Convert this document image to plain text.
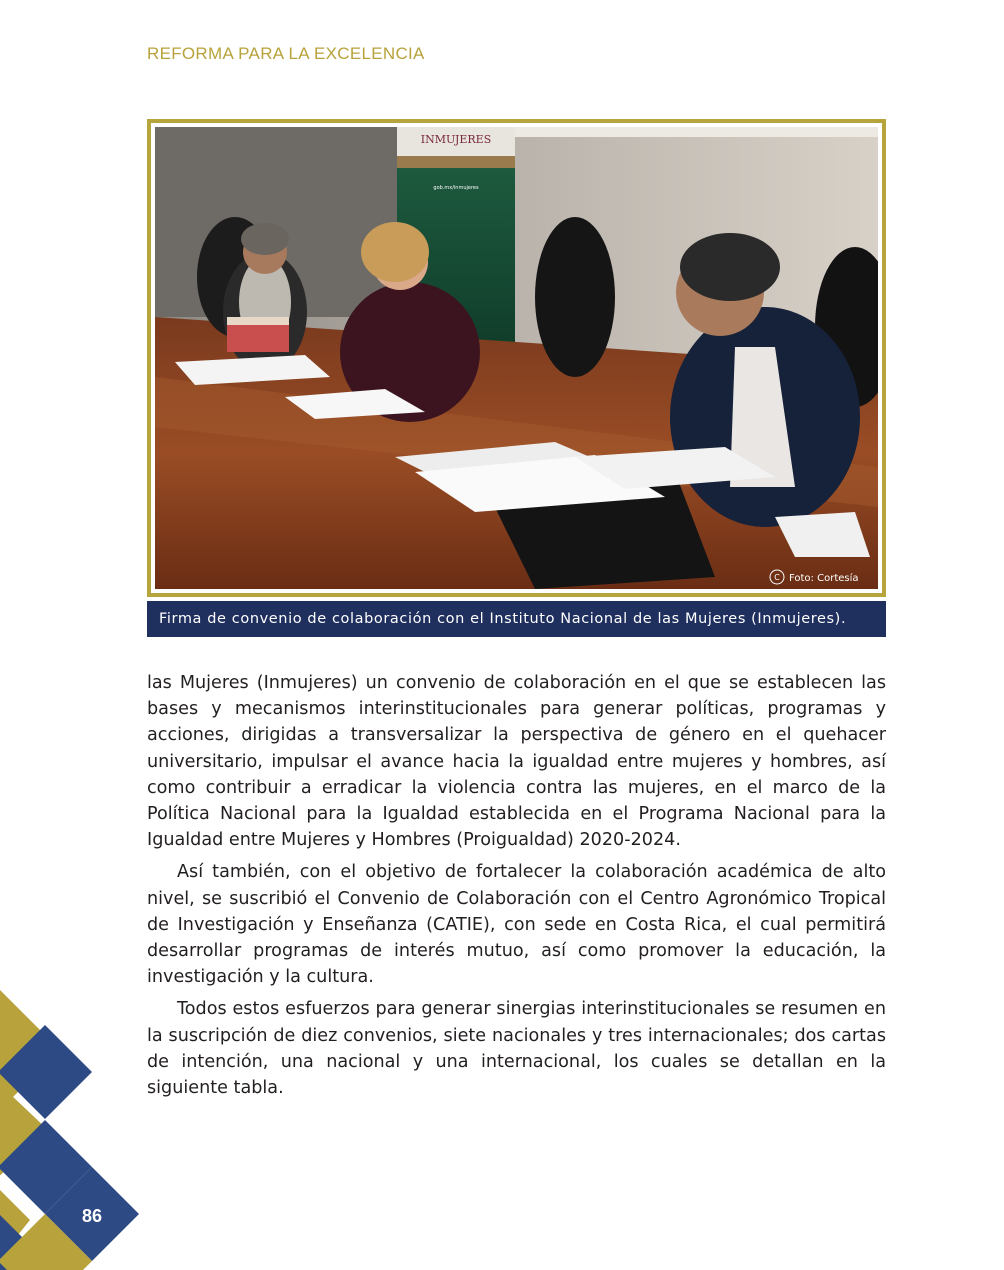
REFORMA PARA LA EXCELENCIA
INMUJERES
gob.mx/inmujeres
C Foto: Cortesía
Firma de convenio de colaboración con el Instituto Nacional de las Mujeres (Inmujeres).

las Mujeres (Inmujeres) un convenio de colaboración en el que se establecen las bases y mecanismos interinstitucionales para generar políticas, programas y acciones, dirigidas a transversalizar la perspectiva de género en el quehacer universitario, impulsar el avance hacia la igualdad entre mujeres y hombres, así como contribuir a erradicar la violencia contra las mujeres, en el marco de la Política Nacional para la Igualdad establecida en el Programa Nacional para la Igualdad entre Mujeres y Hombres (Proigualdad) 2020-2024.

Así también, con el objetivo de fortalecer la colaboración académica de alto nivel, se suscribió el Convenio de Colaboración con el Centro Agronómico Tropical de Investigación y Enseñanza (CATIE), con sede en Costa Rica, el cual permitirá desarrollar programas de interés mutuo, así como promover la educación, la investigación y la cultura.

Todos estos esfuerzos para generar sinergias interinstitucionales se resumen en la suscripción de diez convenios, siete nacionales y tres internacionales; dos cartas de intención, una nacional y una internacional, los cuales se detallan en la siguiente tabla.

86
